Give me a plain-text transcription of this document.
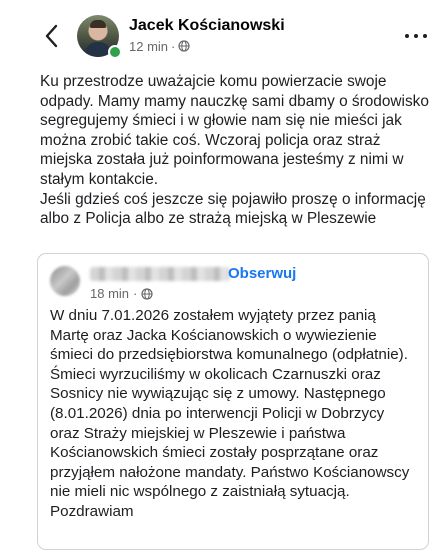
Jacek Kościanowski
12 min ·

Ku przestrodze uważajcie komu powierzacie swoje odpady. Mamy mamy nauczkę sami dbamy o środowisko segregujemy śmieci i w głowie nam się nie mieści jak można zrobić takie coś. Wczoraj policja oraz straż miejska została już poinformowana jesteśmy z nimi w stałym kontakcie.

Jeśli gdzieś coś jeszcze się pojawiło proszę o informację albo z Policja albo ze strażą miejską w Pleszewie

Obserwuj
18 min ·
W dniu 7.01.2026 zostałem wyjątety przez panią Martę oraz Jacka Kościanowskich o wywiezienie śmieci do przedsiębiorstwa komunalnego (odpłatnie). Śmieci wyrzuciliśmy w okolicach Czarnuszki oraz Sosnicy nie wywiązując się z umowy. Następnego (8.01.2026) dnia po interwencji Policji w Dobrzycy oraz Straży miejskiej w Pleszewie i państwa Kościanowskich śmieci zostały posprzątane oraz przyjąłem nałożone mandaty. Państwo Kościanowscy nie mieli nic wspólnego z zaistniałą sytuacją. Pozdrawiam
